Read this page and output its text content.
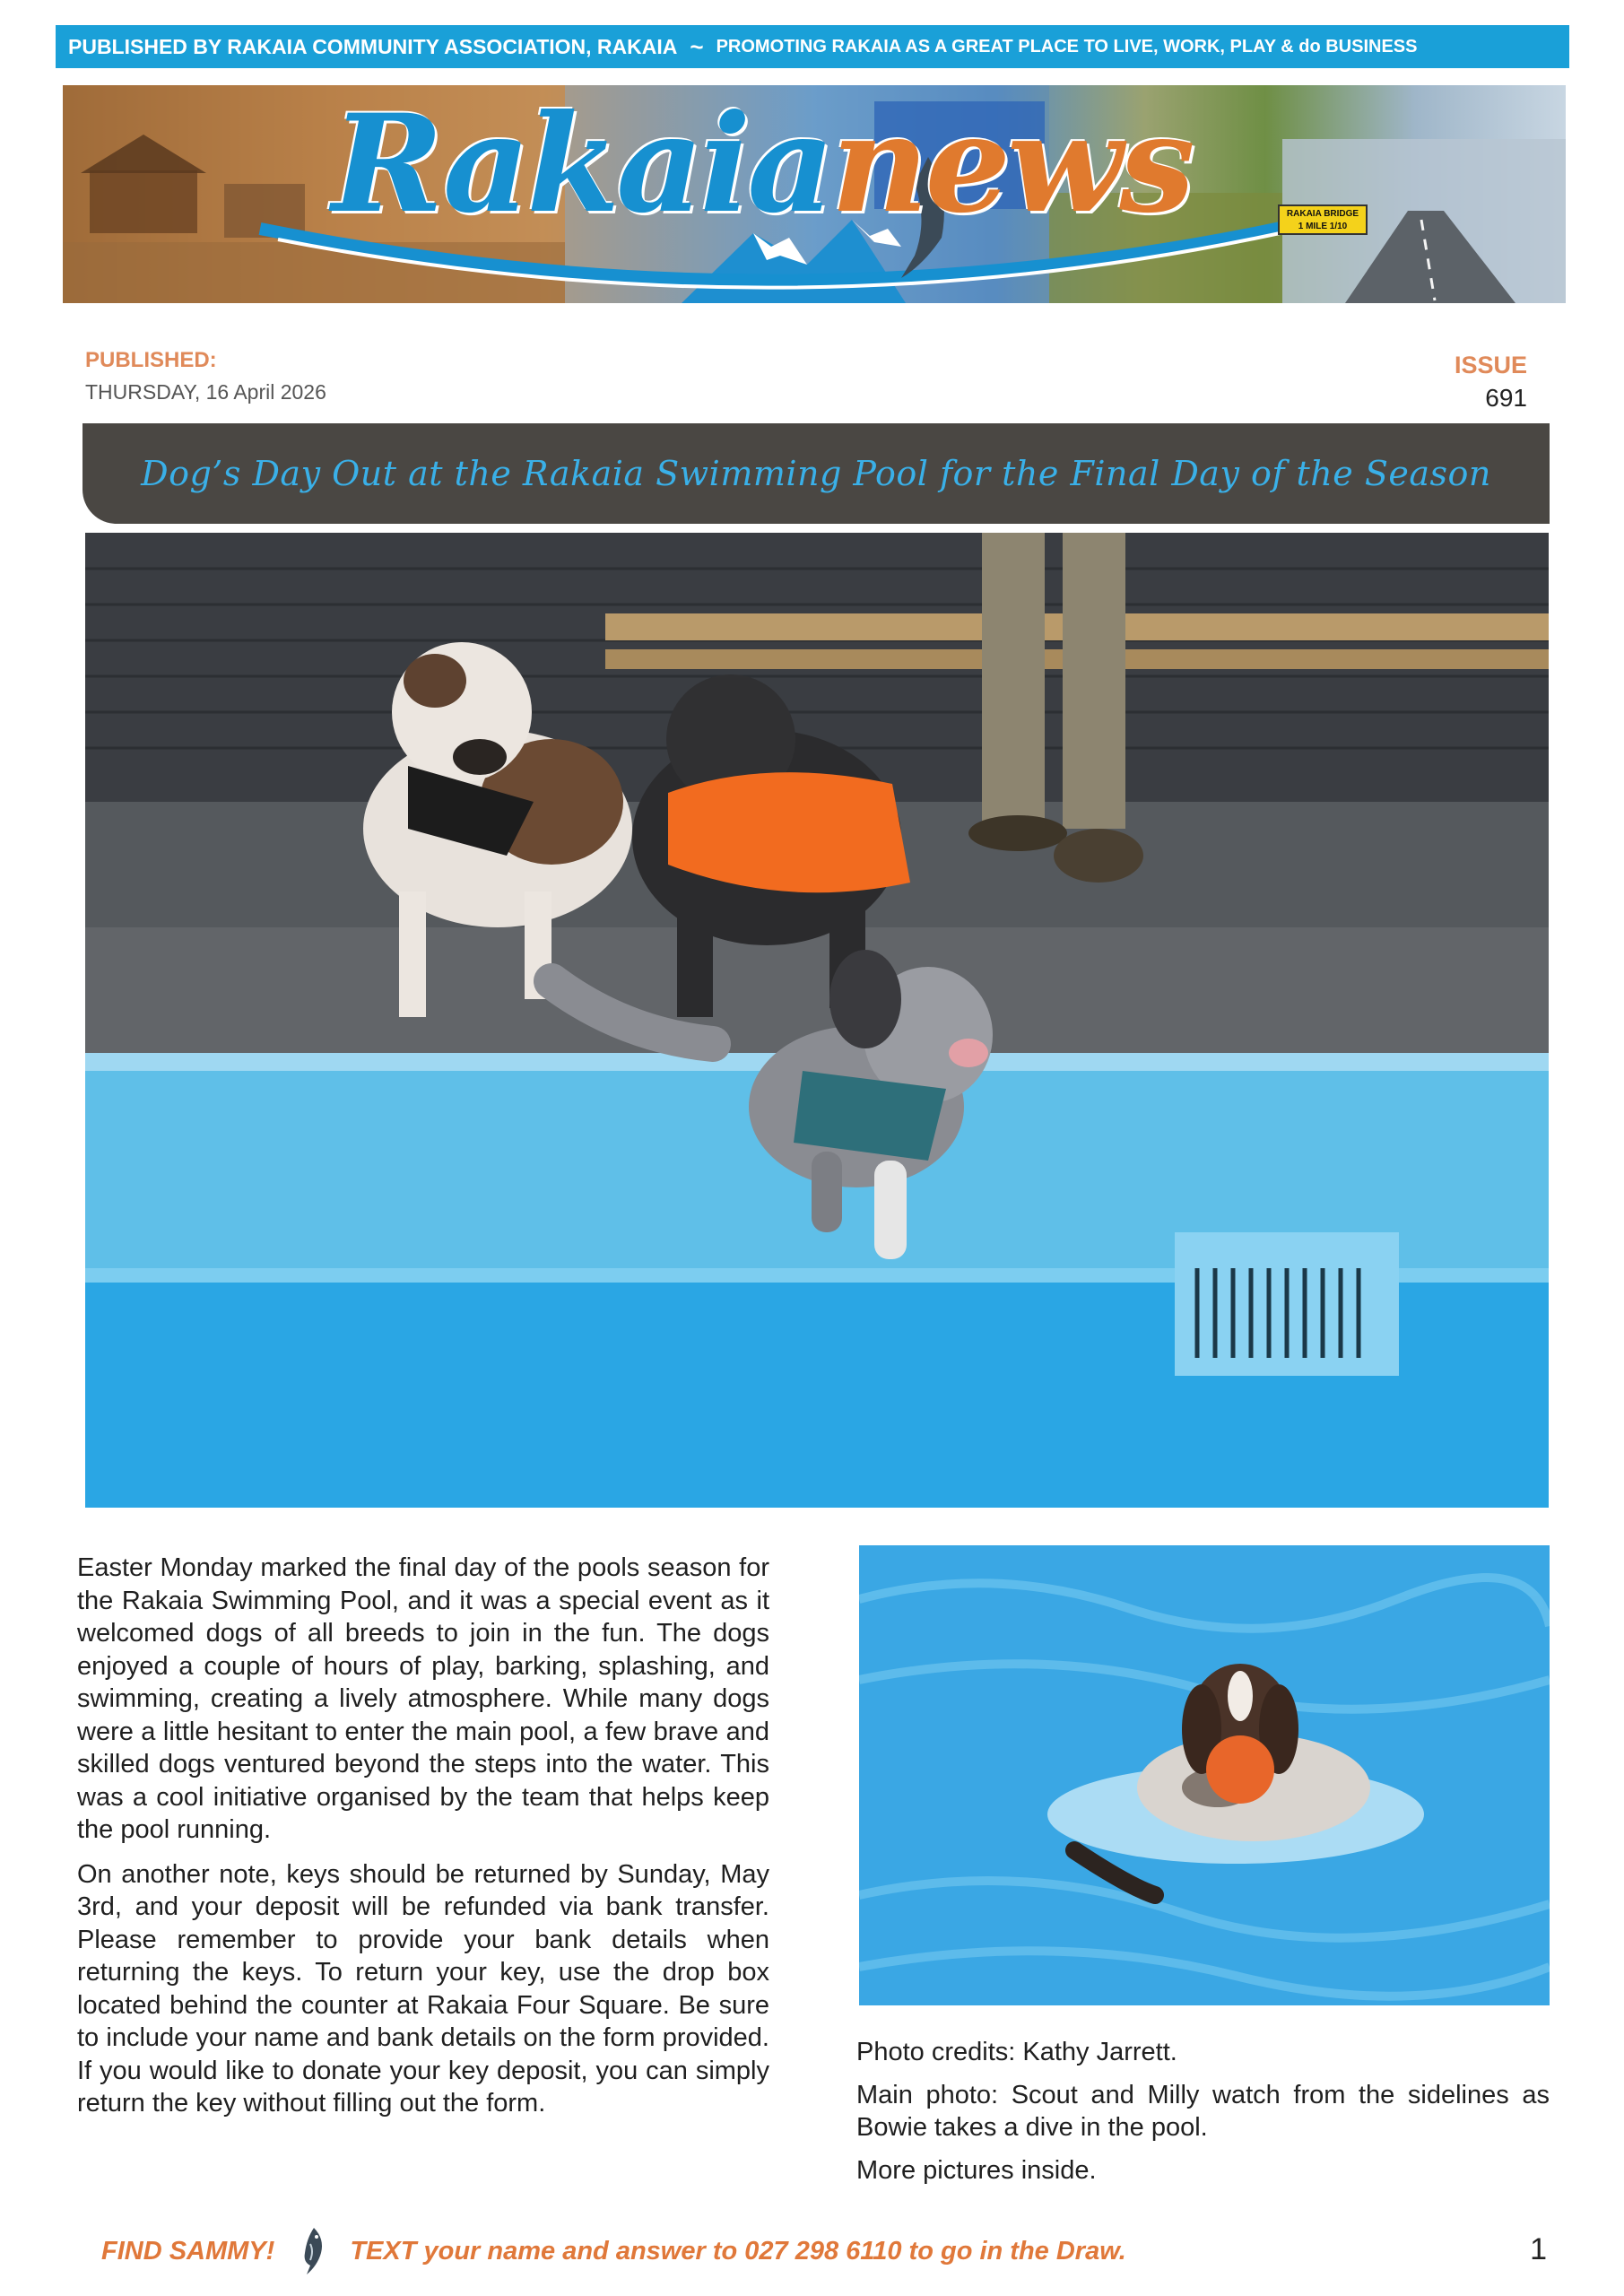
PUBLISHED BY RAKAIA COMMUNITY ASSOCIATION, RAKAIA ~ PROMOTING RAKAIA AS A GREAT PLACE TO LIVE, WORK, PLAY & do BUSINESS
Rakaianews	RAKAIA BRIDGE
1 MILE 1/10
PUBLISHED:
THURSDAY, 16 April 2026
ISSUE
691
Dog’s Day Out at the Rakaia Swimming Pool for the Final Day of the Season

Easter Monday marked the final day of the pools season for the Rakaia Swimming Pool, and it was a special event as it welcomed dogs of all breeds to join in the fun. The dogs enjoyed a couple of hours of play, barking, splashing, and swimming, creating a lively atmosphere. While many dogs were a little hesitant to enter the main pool, a few brave and skilled dogs ventured beyond the steps into the water. This was a cool initiative organised by the team that helps keep the pool running.

On another note, keys should be returned by Sunday, May 3rd, and your deposit will be refunded via bank transfer. Please remember to provide your bank details when returning the keys. To return your key, use the drop box located behind the counter at Rakaia Four Square. Be sure to include your name and bank details on the form provided. If you would like to donate your key deposit, you can simply return the key without filling out the form.

Photo credits: Kathy Jarrett.

Main photo: Scout and Milly watch from the sidelines as Bowie takes a dive in the pool.

More pictures inside.

FIND SAMMY!	TEXT your name and answer to 027 298 6110 to go in the Draw.	1
